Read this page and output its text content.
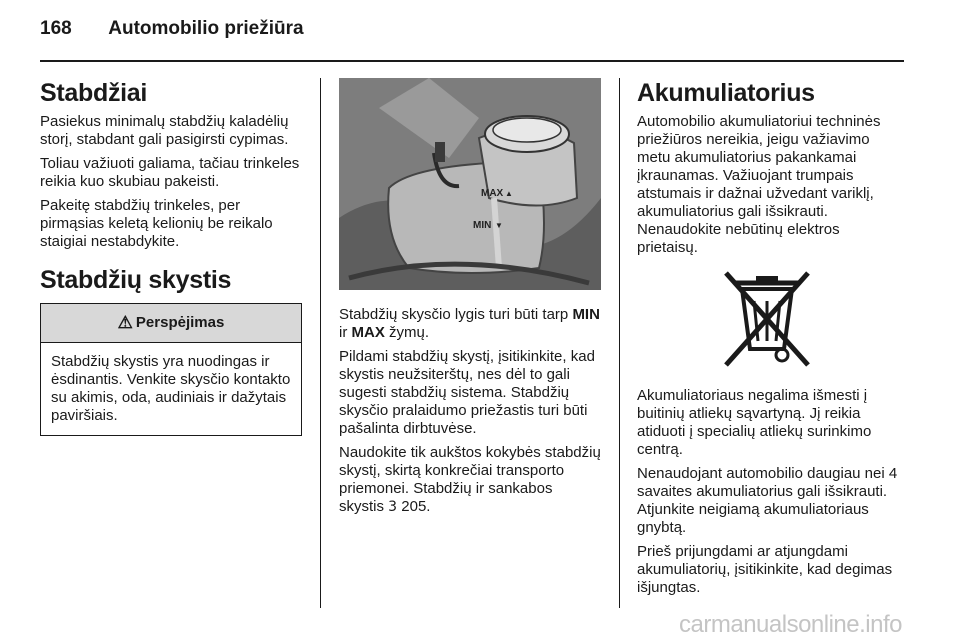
168 Automobilio priežiūra
Stabdžiai

Pasiekus minimalų stabdžių kaladėlių storį, stabdant gali pasigirsti cypimas.

Toliau važiuoti galiama, tačiau trinkeles reikia kuo skubiau pakeisti.

Pakeitę stabdžių trinkeles, per pirmąsias keletą kelionių be reikalo staigiai nestabdykite.

Stabdžių skystis
⚠ Perspėjimas
Stabdžių skystis yra nuodingas ir ėsdinantis. Venkite skysčio kontakto su akimis, oda, audiniais ir dažytais paviršiais.
MAX ▲
MIN ▼

Stabdžių skysčio lygis turi būti tarp MIN ir MAX žymų.

Pildami stabdžių skystį, įsitikinkite, kad skystis neužsiterštų, nes dėl to gali sugesti stabdžių sistema. Stabdžių skysčio pralaidumo priežastis turi būti pašalinta dirbtuvėse.

Naudokite tik aukštos kokybės stabdžių skystį, skirtą konkrečiai transporto priemonei. Stabdžių ir sankabos skystis 3 205.

Akumuliatorius

Automobilio akumuliatoriui techninės priežiūros nereikia, jeigu važiavimo metu akumuliatorius pakankamai įkraunamas. Važiuojant trumpais atstumais ir dažnai užvedant variklį, akumuliatorius gali išsikrauti. Nenaudokite nebūtinų elektros prietaisų.

Akumuliatoriaus negalima išmesti į buitinių atliekų sąvartyną. Jį reikia atiduoti į specialių atliekų surinkimo centrą.

Nenaudojant automobilio daugiau nei 4 savaites akumuliatorius gali išsikrauti. Atjunkite neigiamą akumuliatoriaus gnybtą.

Prieš prijungdami ar atjungdami akumuliatorių, įsitikinkite, kad degimas išjungtas.

carmanualsonline.info
